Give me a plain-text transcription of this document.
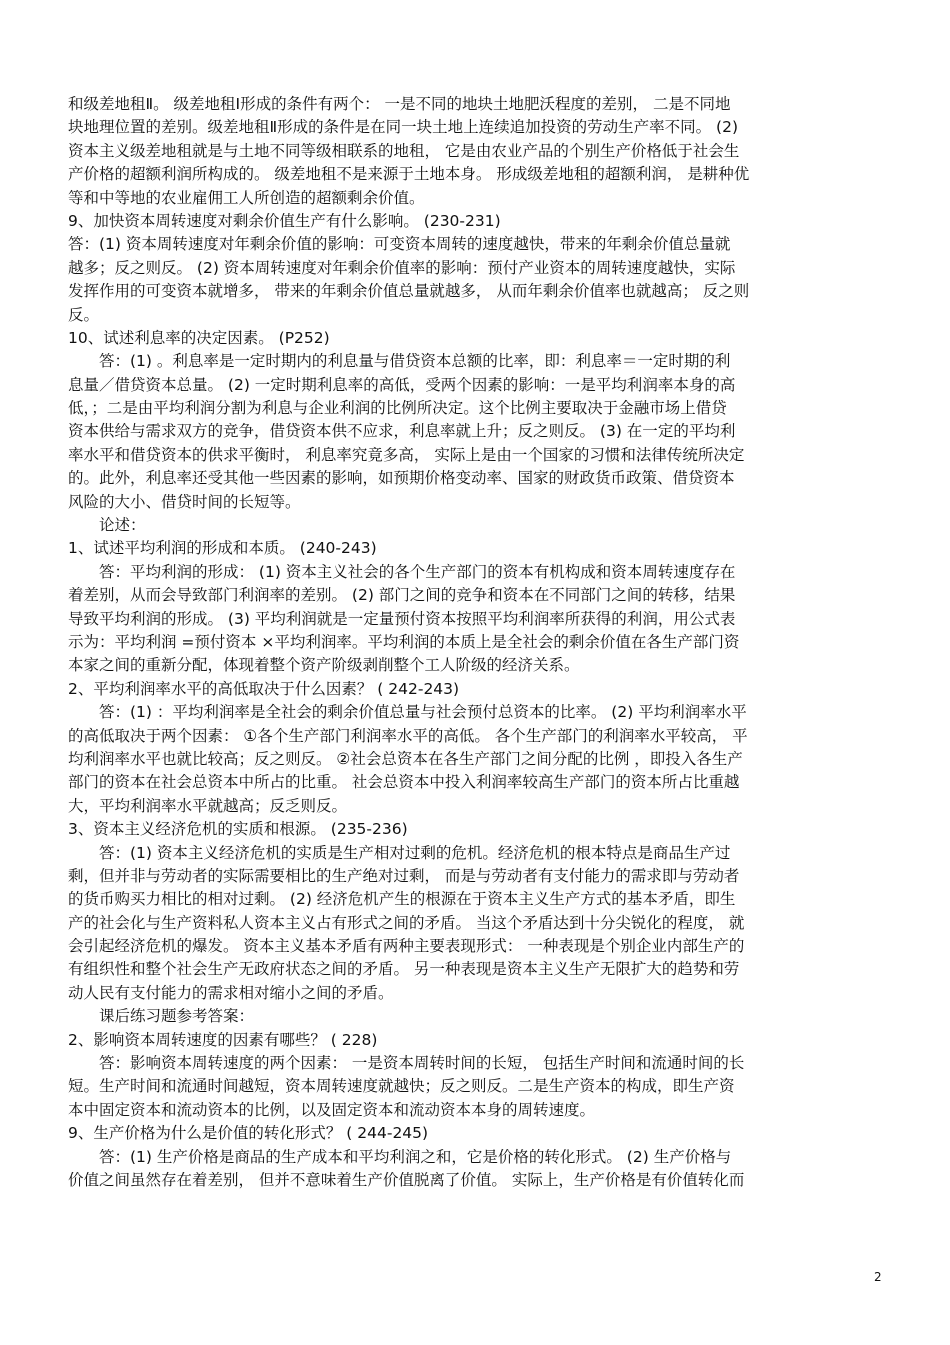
和级差地租Ⅱ。 级差地租Ⅰ形成的条件有两个： 一是不同的地块土地肥沃程度的差别， 二是不同地
块地理位置的差别。级差地租Ⅱ形成的条件是在同一块土地上连续追加投资的劳动生产率不同。 (2)
资本主义级差地租就是与土地不同等级相联系的地租， 它是由农业产品的个别生产价格低于社会生
产价格的超额利润所构成的。 级差地租不是来源于土地本身。 形成级差地租的超额利润， 是耕种优
等和中等地的农业雇佣工人所创造的超额剩余价值。
9、加快资本周转速度对剩余价值生产有什么影响。 (230-231)
答：(1) 资本周转速度对年剩余价值的影响：可变资本周转的速度越快，带来的年剩余价值总量就
越多；反之则反。 (2) 资本周转速度对年剩余价值率的影响：预付产业资本的周转速度越快，实际
发挥作用的可变资本就增多， 带来的年剩余价值总量就越多， 从而年剩余价值率也就越高； 反之则
反。
10、试述利息率的决定因素。 (P252)
　　答：(1) 。利息率是一定时期内的利息量与借贷资本总额的比率，即：利息率＝一定时期的利
息量／借贷资本总量。 (2) 一定时期利息率的高低，受两个因素的影响：一是平均利润率本身的高
低，；二是由平均利润分割为利息与企业利润的比例所决定。这个比例主要取决于金融市场上借贷
资本供给与需求双方的竞争，借贷资本供不应求，利息率就上升；反之则反。 (3) 在一定的平均利
率水平和借贷资本的供求平衡时， 利息率究竟多高， 实际上是由一个国家的习惯和法律传统所决定
的。此外，利息率还受其他一些因素的影响，如预期价格变动率、国家的财政货币政策、借贷资本
风险的大小、借贷时间的长短等。
　　论述：
1、试述平均利润的形成和本质。 (240-243)
　　答：平均利润的形成： (1) 资本主义社会的各个生产部门的资本有机构成和资本周转速度存在
着差别，从而会导致部门利润率的差别。 (2) 部门之间的竞争和资本在不同部门之间的转移，结果
导致平均利润的形成。 (3) 平均利润就是一定量预付资本按照平均利润率所获得的利润，用公式表
示为：平均利润 =预付资本 ×平均利润率。平均利润的本质上是全社会的剩余价值在各生产部门资
本家之间的重新分配，体现着整个资产阶级剥削整个工人阶级的经济关系。
2、平均利润率水平的高低取决于什么因素？ ( 242-243)
　　答：(1) ：平均利润率是全社会的剩余价值总量与社会预付总资本的比率。 (2) 平均利润率水平
的高低取决于两个因素： ①各个生产部门利润率水平的高低。 各个生产部门的利润率水平较高， 平
均利润率水平也就比较高；反之则反。 ②社会总资本在各生产部门之间分配的比例 ，即投入各生产
部门的资本在社会总资本中所占的比重。 社会总资本中投入利润率较高生产部门的资本所占比重越
大，平均利润率水平就越高；反乏则反。
3、资本主义经济危机的实质和根源。 (235-236)
　　答：(1) 资本主义经济危机的实质是生产相对过剩的危机。经济危机的根本特点是商品生产过
剩，但并非与劳动者的实际需要相比的生产绝对过剩， 而是与劳动者有支付能力的需求即与劳动者
的货币购买力相比的相对过剩。 (2) 经济危机产生的根源在于资本主义生产方式的基本矛盾，即生
产的社会化与生产资料私人资本主义占有形式之间的矛盾。 当这个矛盾达到十分尖锐化的程度， 就
会引起经济危机的爆发。 资本主义基本矛盾有两种主要表现形式： 一种表现是个别企业内部生产的
有组织性和整个社会生产无政府状态之间的矛盾。 另一种表现是资本主义生产无限扩大的趋势和劳
动人民有支付能力的需求相对缩小之间的矛盾。
　　课后练习题参考答案：
2、影响资本周转速度的因素有哪些？ ( 228)
　　答：影响资本周转速度的两个因素： 一是资本周转时间的长短， 包括生产时间和流通时间的长
短。生产时间和流通时间越短，资本周转速度就越快；反之则反。二是生产资本的构成，即生产资
本中固定资本和流动资本的比例，以及固定资本和流动资本本身的周转速度。
9、生产价格为什么是价值的转化形式？ ( 244-245)
　　答：(1) 生产价格是商品的生产成本和平均利润之和，它是价格的转化形式。 (2) 生产价格与
价值之间虽然存在着差别， 但并不意味着生产价值脱离了价值。 实际上，生产价格是有价值转化而
2
